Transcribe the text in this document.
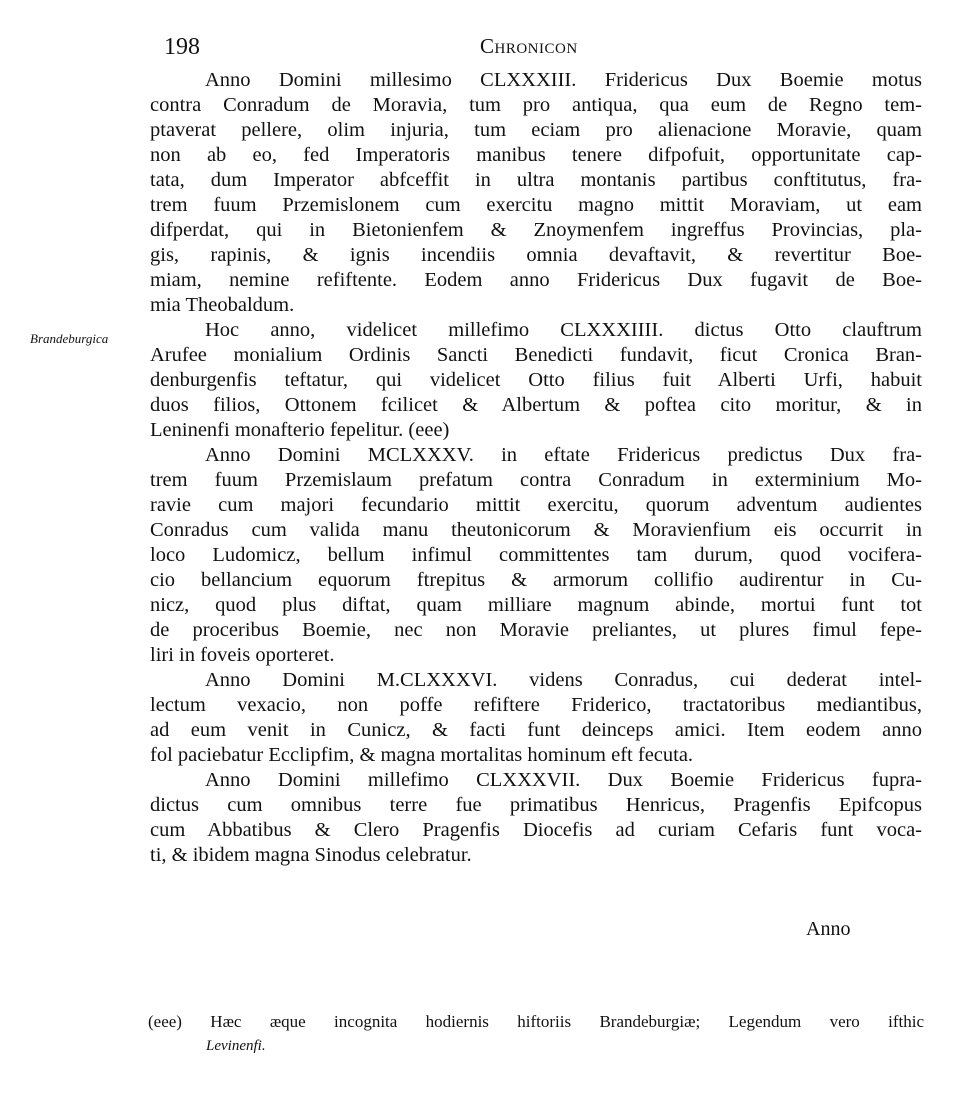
198	Chronicon
Brandeburgica
Anno Domini millesimo CLXXXIII. Fridericus Dux Boemie motus
contra Conradum de Moravia, tum pro antiqua, qua eum de Regno tem-
ptaverat pellere, olim injuria, tum eciam pro alienacione Moravie, quam
non ab eo, fed Imperatoris manibus tenere difpofuit, opportunitate cap-
tata, dum Imperator abfceffit in ultra montanis partibus conftitutus, fra-
trem fuum Przemislonem cum exercitu magno mittit Moraviam, ut eam
difperdat, qui in Bietonienfem & Znoymenfem ingreffus Provincias, pla-
gis, rapinis, & ignis incendiis omnia devaftavit, & revertitur Boe-
miam, nemine refiftente. Eodem anno Fridericus Dux fugavit de Boe-
mia Theobaldum.
Hoc anno, videlicet millefimo CLXXXIIII. dictus Otto clauftrum
Arufee monialium Ordinis Sancti Benedicti fundavit, ficut Cronica Bran-
denburgenfis teftatur, qui videlicet Otto filius fuit Alberti Urfi, habuit
duos filios, Ottonem fcilicet & Albertum & poftea cito moritur, & in
Leninenfi monafterio fepelitur. (eee)
Anno Domini MCLXXXV. in eftate Fridericus predictus Dux fra-
trem fuum Przemislaum prefatum contra Conradum in exterminium Mo-
ravie cum majori fecundario mittit exercitu, quorum adventum audientes
Conradus cum valida manu theutonicorum & Moravienfium eis occurrit in
loco Ludomicz, bellum infimul committentes tam durum, quod vocifera-
cio bellancium equorum ftrepitus & armorum collifio audirentur in Cu-
nicz, quod plus diftat, quam milliare magnum abinde, mortui funt tot
de proceribus Boemie, nec non Moravie preliantes, ut plures fimul fepe-
liri in foveis oporteret.
Anno Domini M.CLXXXVI. videns Conradus, cui dederat intel-
lectum vexacio, non poffe refiftere Friderico, tractatoribus mediantibus,
ad eum venit in Cunicz, & facti funt deinceps amici. Item eodem anno
fol paciebatur Ecclipfim, & magna mortalitas hominum eft fecuta.
Anno Domini millefimo CLXXXVII. Dux Boemie Fridericus fupra-
dictus cum omnibus terre fue primatibus Henricus, Pragenfis Epifcopus
cum Abbatibus & Clero Pragenfis Diocefis ad curiam Cefaris funt voca-
ti, & ibidem magna Sinodus celebratur.
Anno
(eee) Hæc æque incognita hodiernis hiftoriis Brandeburgiæ; Legendum vero ifthic
Levinenfi.
